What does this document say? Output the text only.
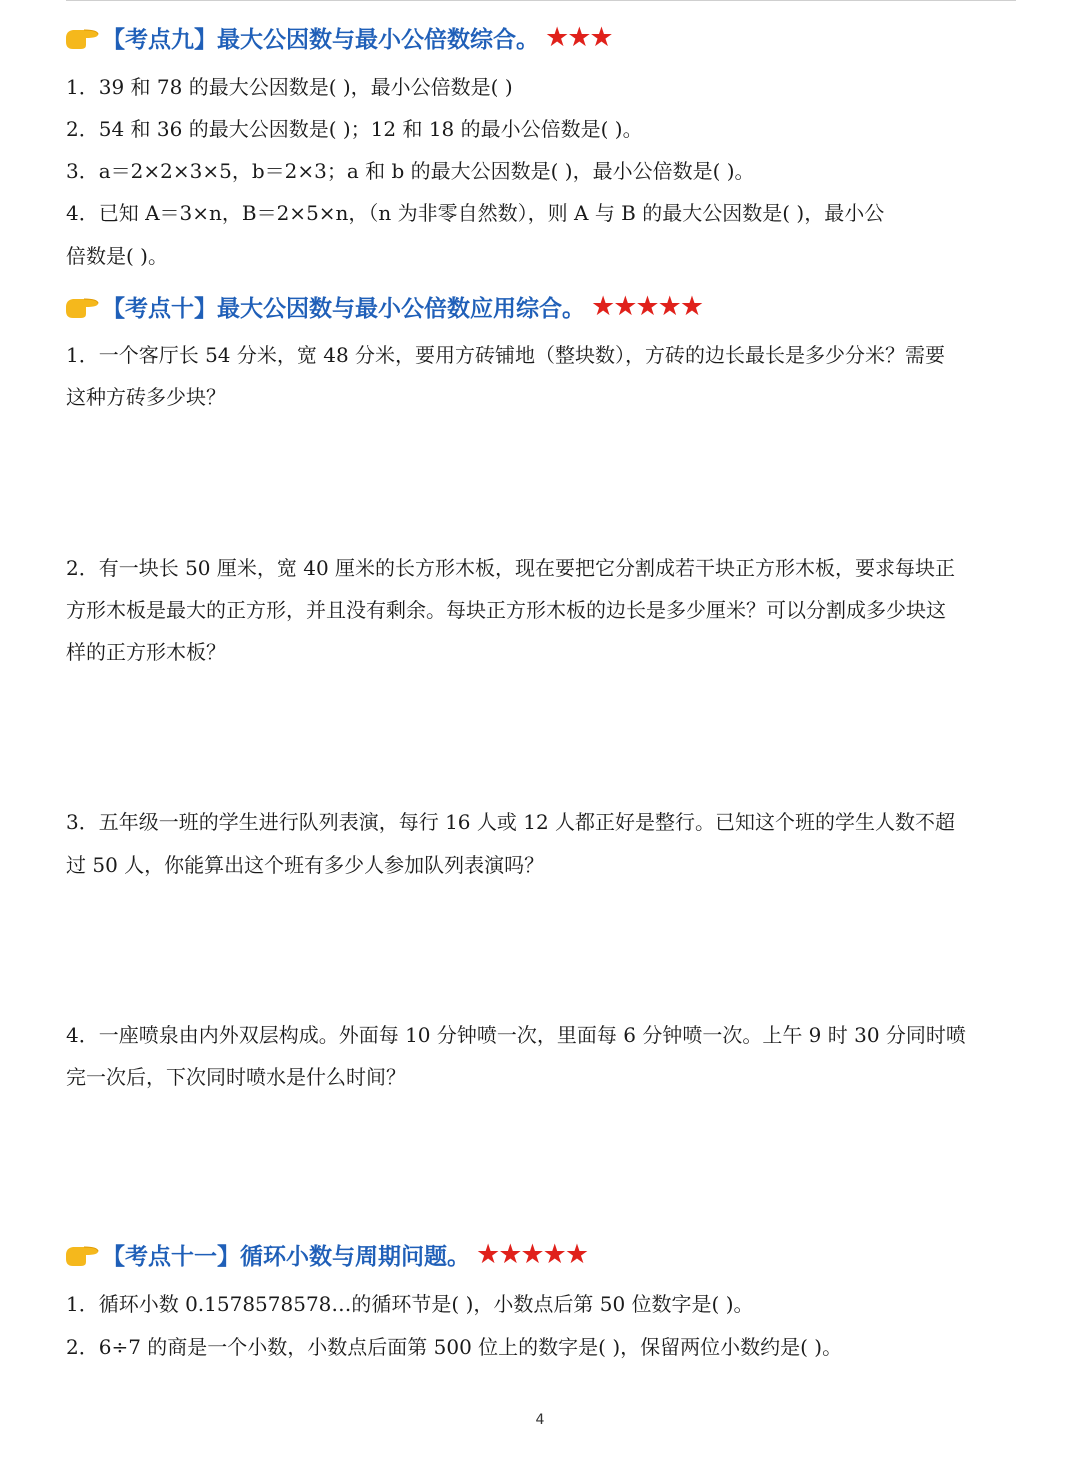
【考点九】最大公因数与最小公倍数综合。 ★★★
1．39 和 78 的最大公因数是( )，最小公倍数是( )
2．54 和 36 的最大公因数是( )；12 和 18 的最小公倍数是( )。
3．a＝2×2×3×5，b＝2×3；a 和 b 的最大公因数是( )，最小公倍数是( )。
4．已知 A＝3×n，B＝2×5×n，（n 为非零自然数），则 A 与 B 的最大公因数是( )，最小公
倍数是( )。
【考点十】最大公因数与最小公倍数应用综合。 ★★★★★
1．一个客厅长 54 分米，宽 48 分米，要用方砖铺地（整块数），方砖的边长最长是多少分米？需要
这种方砖多少块？
2．有一块长 50 厘米，宽 40 厘米的长方形木板，现在要把它分割成若干块正方形木板，要求每块正
方形木板是最大的正方形，并且没有剩余。每块正方形木板的边长是多少厘米？可以分割成多少块这
样的正方形木板？
3．五年级一班的学生进行队列表演，每行 16 人或 12 人都正好是整行。已知这个班的学生人数不超
过 50 人，你能算出这个班有多少人参加队列表演吗？
4．一座喷泉由内外双层构成。外面每 10 分钟喷一次，里面每 6 分钟喷一次。上午 9 时 30 分同时喷
完一次后，下次同时喷水是什么时间？
【考点十一】循环小数与周期问题。 ★★★★★
1．循环小数 0.1578578578…的循环节是( )，小数点后第 50 位数字是( )。
2．6÷7 的商是一个小数，小数点后面第 500 位上的数字是( )，保留两位小数约是( )。
4
